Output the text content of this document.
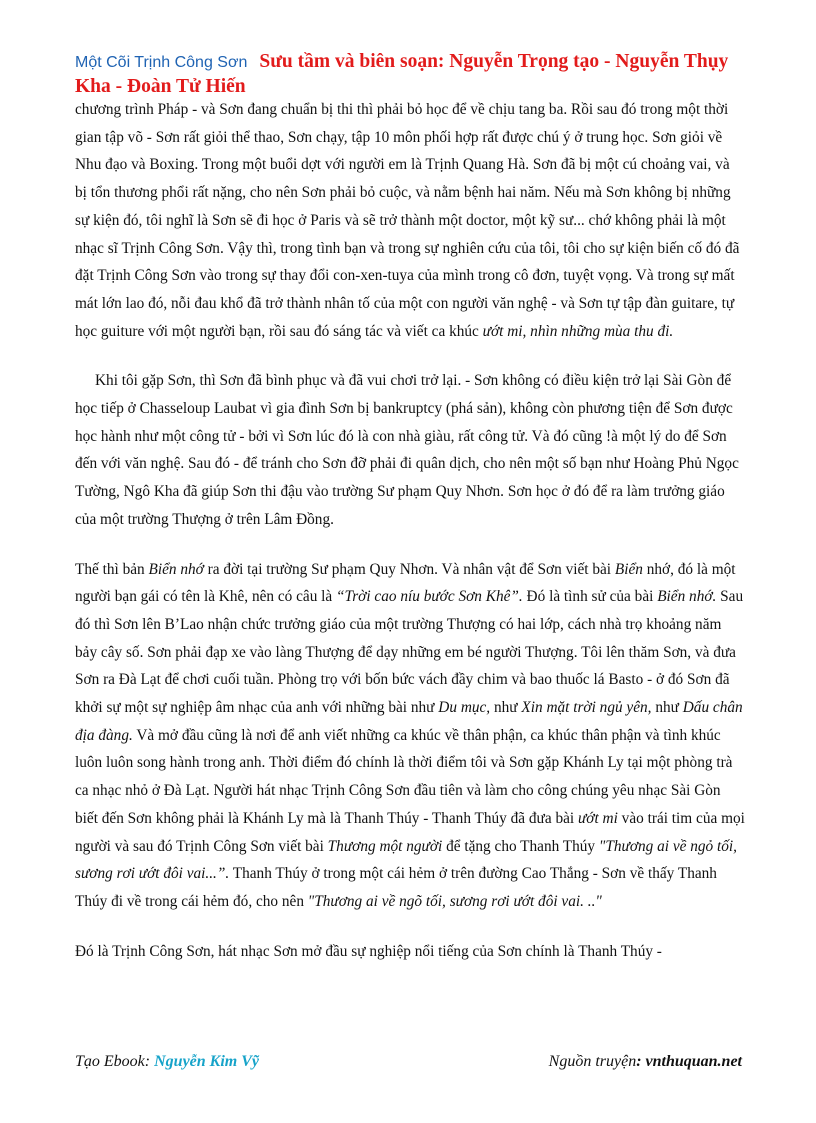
Một Cõi Trịnh Công Sơn Sưu tầm và biên soạn: Nguyễn Trọng tạo - Nguyễn Thụy Kha - Đoàn Tử Hiến

chương trình Pháp - và Sơn đang chuẩn bị thi thì phải bỏ học để về chịu tang ba. Rồi sau đó trong một thời gian tập võ - Sơn rất giỏi thể thao, Sơn chạy, tập 10 môn phối hợp rất được chú ý ở trung học. Sơn giỏi về Nhu đạo và Boxing. Trong một buổi dợt với người em là Trịnh Quang Hà. Sơn đã bị một cú choảng vai, và bị tổn thương phổi rất nặng, cho nên Sơn phải bỏ cuộc, và nằm bệnh hai năm. Nếu mà Sơn không bị những sự kiện đó, tôi nghĩ là Sơn sẽ đi học ở Paris và sẽ trở thành một doctor, một kỹ sư... chớ không phải là một nhạc sĩ Trịnh Công Sơn. Vậy thì, trong tình bạn và trong sự nghiên cứu của tôi, tôi cho sự kiện biến cố đó đã đặt Trịnh Công Sơn vào trong sự thay đổi con-xen-tuya của mình trong cô đơn, tuyệt vọng. Và trong sự mất mát lớn lao đó, nỗi đau khổ đã trở thành nhân tố của một con người văn nghệ - và Sơn tự tập đàn guitare, tự học guiture với một người bạn, rồi sau đó sáng tác và viết ca khúc ướt mi, nhìn những mùa thu đi.

Khi tôi gặp Sơn, thì Sơn đã bình phục và đã vui chơi trở lại. - Sơn không có điều kiện trở lại Sài Gòn để học tiếp ở Chasseloup Laubat vì gia đình Sơn bị bankruptcy (phá sản), không còn phương tiện để Sơn được học hành như một công tử - bởi vì Sơn lúc đó là con nhà giàu, rất công tử. Và đó cũng !à một lý do để Sơn đến với văn nghệ. Sau đó - để tránh cho Sơn đỡ phải đi quân dịch, cho nên một số bạn như Hoàng Phủ Ngọc Tường, Ngô Kha đã giúp Sơn thi đậu vào trường Sư phạm Quy Nhơn. Sơn học ở đó để ra làm trưởng giáo của một trường Thượng ở trên Lâm Đồng.

Thế thì bản Biển nhớ ra đời tại trường Sư phạm Quy Nhơn. Và nhân vật để Sơn viết bài Biển nhớ, đó là một người bạn gái có tên là Khê, nên có câu là “Trời cao níu bước Sơn Khê”. Đó là tình sử của bài Biển nhớ. Sau đó thì Sơn lên B’Lao nhận chức trưởng giáo của một trường Thượng có hai lớp, cách nhà trọ khoảng năm bảy cây số. Sơn phải đạp xe vào làng Thượng để dạy những em bé người Thượng. Tôi lên thăm Sơn, và đưa Sơn ra Đà Lạt để chơi cuối tuần. Phòng trọ với bốn bức vách đầy chim và bao thuốc lá Basto - ở đó Sơn đã khởi sự một sự nghiệp âm nhạc của anh với những bài như Du mục, như Xin mặt trời ngủ yên, như Dấu chân địa đàng. Và mở đầu cũng là nơi để anh viết những ca khúc về thân phận, ca khúc thân phận và tình khúc luôn luôn song hành trong anh. Thời điểm đó chính là thời điểm tôi và Sơn gặp Khánh Ly tại một phòng trà ca nhạc nhỏ ở Đà Lạt. Người hát nhạc Trịnh Công Sơn đầu tiên và làm cho công chúng yêu nhạc Sài Gòn biết đến Sơn không phải là Khánh Ly mà là Thanh Thúy - Thanh Thúy đã đưa bài ướt mi vào trái tim của mọi người và sau đó Trịnh Công Sơn viết bài Thương một người để tặng cho Thanh Thúy "Thương ai về ngỏ tối, sương rơi ướt đôi vai...”. Thanh Thúy ở trong một cái hẻm ở trên đường Cao Thắng - Sơn về thấy Thanh Thúy đi về trong cái hẻm đó, cho nên "Thương ai về ngõ tối, sương rơi ướt đôi vai. .."

Đó là Trịnh Công Sơn, hát nhạc Sơn mở đầu sự nghiệp nổi tiếng của Sơn chính là Thanh Thúy -

Tạo Ebook: Nguyễn Kim Vỹ	Nguồn truyện: vnthuquan.net
